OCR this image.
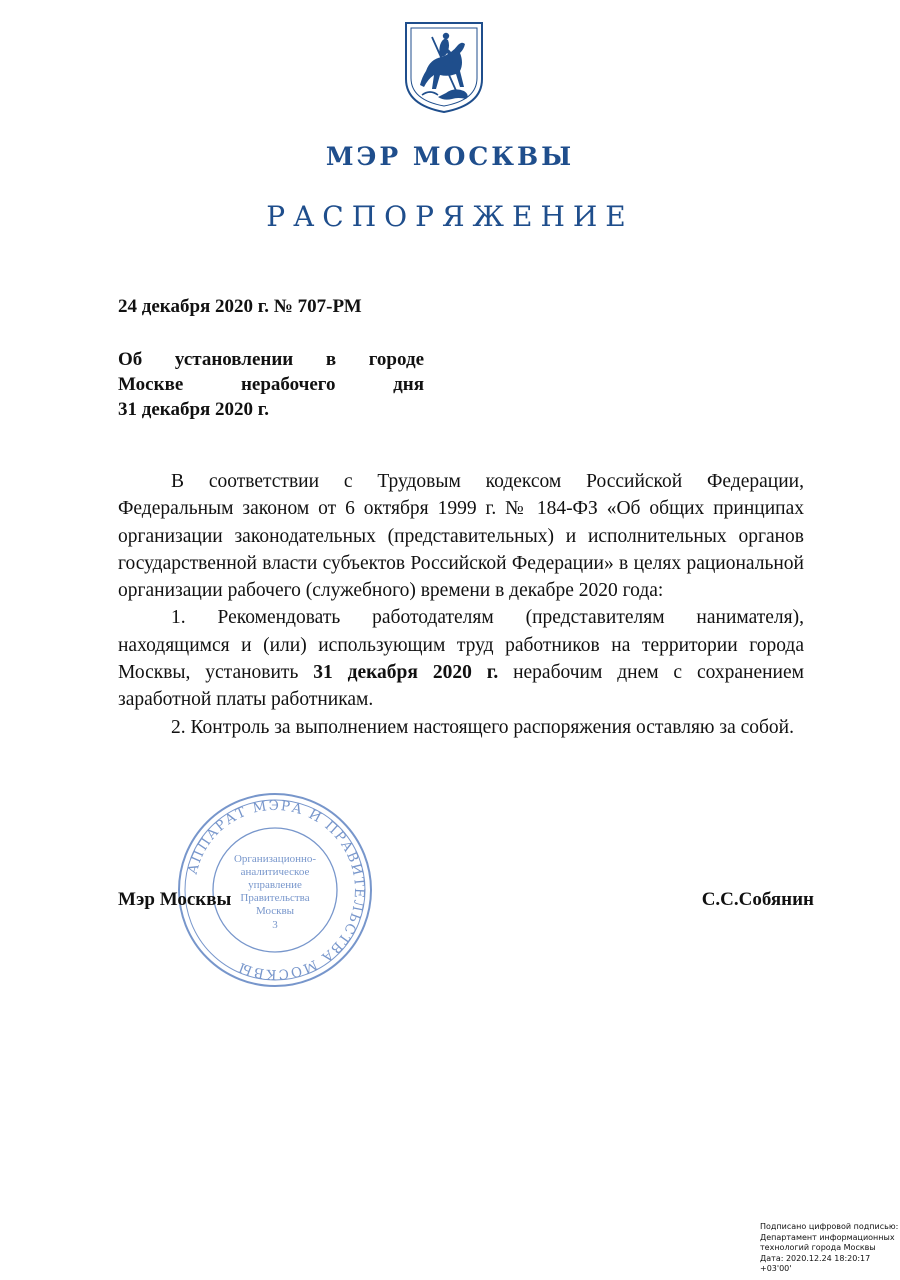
МЭР МОСКВЫ
РАСПОРЯЖЕНИЕ
24 декабря 2020 г. № 707-РМ
Об установлении в городе
Москве нерабочего дня
31 декабря 2020 г.

В соответствии с Трудовым кодексом Российской Федерации, Федеральным законом от 6 октября 1999 г. № 184-ФЗ «Об общих принципах организации законодательных (представительных) и исполнительных органов государственной власти субъектов Российской Федерации» в целях рациональной организации рабочего (служебного) времени в декабре 2020 года:

1. Рекомендовать работодателям (представителям нанимателя), находящимся и (или) использующим труд работников на территории города Москвы, установить 31 декабря 2020 г. нерабочим днем с сохранением заработной платы работникам.

2. Контроль за выполнением настоящего распоряжения оставляю за собой.

АППАРАТ МЭРА И ПРАВИТЕЛЬСТВА МОСКВЫ
Организационно-
аналитическое
управление
Правительства
Москвы
3
Мэр Москвы	С.С.Собянин
Подписано цифровой подписью:
Департамент информационных
технологий города Москвы
Дата: 2020.12.24 18:20:17 +03'00'
